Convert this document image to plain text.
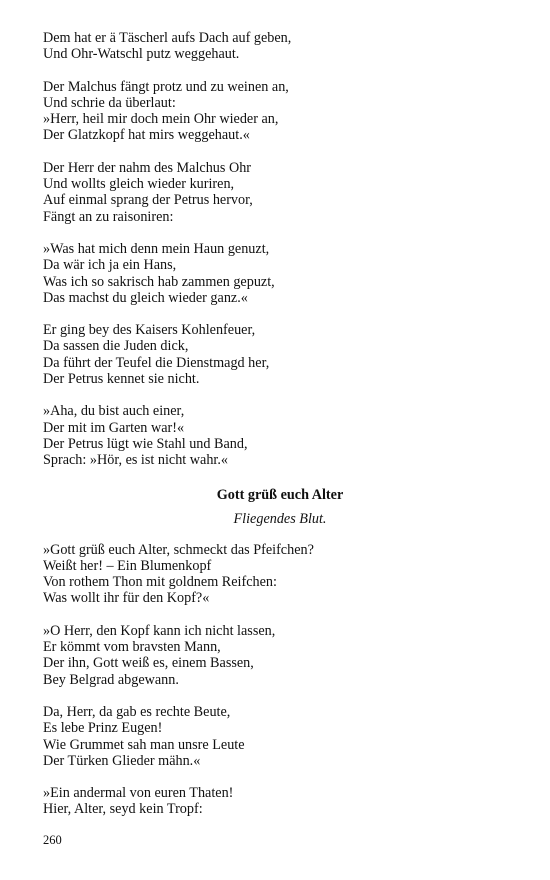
Dem hat er ä Täscherl aufs Dach auf geben,
Und Ohr-Watschl putz weggehaut.
Der Malchus fängt protz und zu weinen an,
Und schrie da überlaut:
»Herr, heil mir doch mein Ohr wieder an,
Der Glatzkopf hat mirs weggehaut.«
Der Herr der nahm des Malchus Ohr
Und wollts gleich wieder kuriren,
Auf einmal sprang der Petrus hervor,
Fängt an zu raisoniren:
»Was hat mich denn mein Haun genuzt,
Da wär ich ja ein Hans,
Was ich so sakrisch hab zammen gepuzt,
Das machst du gleich wieder ganz.«
Er ging bey des Kaisers Kohlenfeuer,
Da sassen die Juden dick,
Da führt der Teufel die Dienstmagd her,
Der Petrus kennet sie nicht.
»Aha, du bist auch einer,
Der mit im Garten war!«
Der Petrus lügt wie Stahl und Band,
Sprach: »Hör, es ist nicht wahr.«
Gott grüß euch Alter
Fliegendes Blut.
»Gott grüß euch Alter, schmeckt das Pfeifchen?
Weißt her! – Ein Blumenkopf
Von rothem Thon mit goldnem Reifchen:
Was wollt ihr für den Kopf?«
»O Herr, den Kopf kann ich nicht lassen,
Er kömmt vom bravsten Mann,
Der ihn, Gott weiß es, einem Bassen,
Bey Belgrad abgewann.
Da, Herr, da gab es rechte Beute,
Es lebe Prinz Eugen!
Wie Grummet sah man unsre Leute
Der Türken Glieder mähn.«
»Ein andermal von euren Thaten!
Hier, Alter, seyd kein Tropf:
260
